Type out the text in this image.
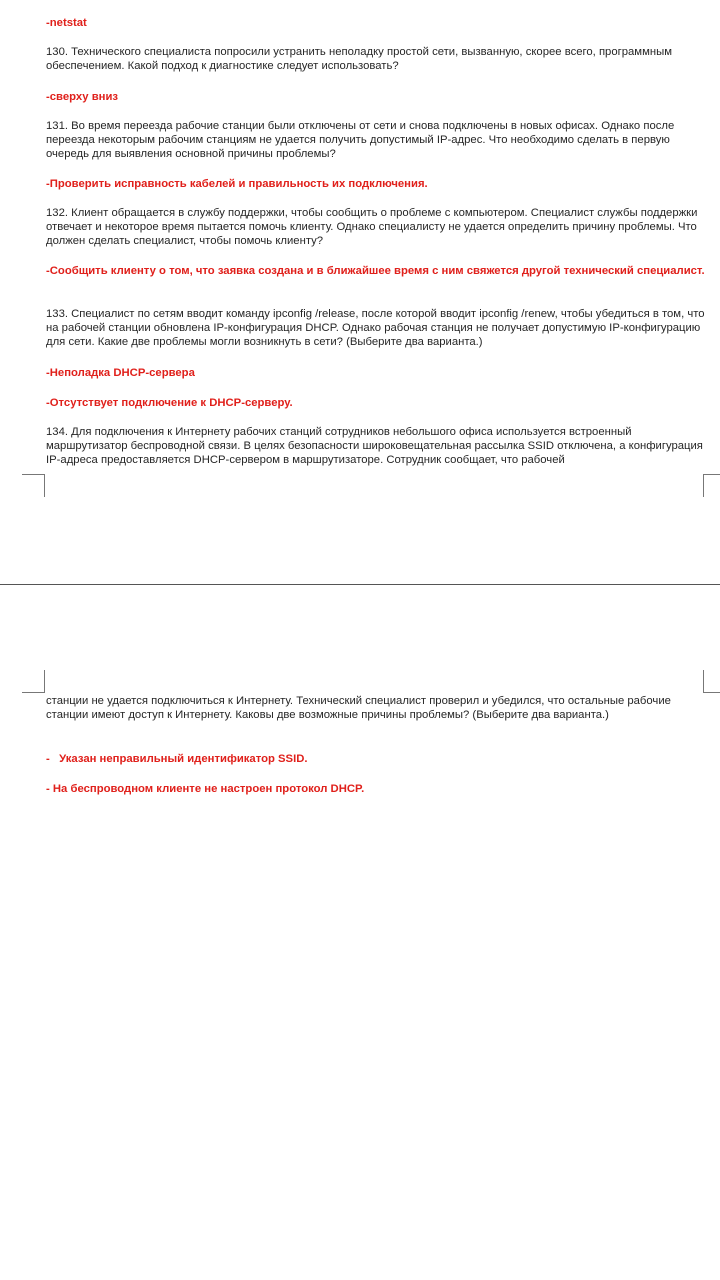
-netstat

130. Технического специалиста попросили устранить неполадку простой сети, вызванную, скорее всего, программным обеспечением. Какой подход к диагностике следует использовать?

-сверху вниз

131. Во время переезда рабочие станции были отключены от сети и снова подключены в новых офисах. Однако после переезда некоторым рабочим станциям не удается получить допустимый IP-адрес. Что необходимо сделать в первую очередь для выявления основной причины проблемы?

-Проверить исправность кабелей и правильность их подключения.

132. Клиент обращается в службу поддержки, чтобы сообщить о проблеме с компьютером. Специалист службы поддержки отвечает и некоторое время пытается помочь клиенту. Однако специалисту не удается определить причину проблемы. Что должен сделать специалист, чтобы помочь клиенту?

-Сообщить клиенту о том, что заявка создана и в ближайшее время с ним свяжется другой технический специалист.

133. Специалист по сетям вводит команду ipconfig /release, после которой вводит ipconfig /renew, чтобы убедиться в том, что на рабочей станции обновлена IP-конфигурация DHCP. Однако рабочая станция не получает допустимую IP-конфигурацию для сети. Какие две проблемы могли возникнуть в сети? (Выберите два варианта.)

-Неполадка DHCP-сервера

-Отсутствует подключение к DHCP-серверу.

134. Для подключения к Интернету рабочих станций сотрудников небольшого офиса используется встроенный маршрутизатор беспроводной связи. В целях безопасности широковещательная рассылка SSID отключена, а конфигурация IP-адреса предоставляется DHCP-сервером в маршрутизаторе. Сотрудник сообщает, что рабочей

станции не удается подключиться к Интернету. Технический специалист проверил и убедился, что остальные рабочие станции имеют доступ к Интернету. Каковы две возможные причины проблемы? (Выберите два варианта.)

-   Указан неправильный идентификатор SSID.

- На беспроводном клиенте не настроен протокол DHCP.
